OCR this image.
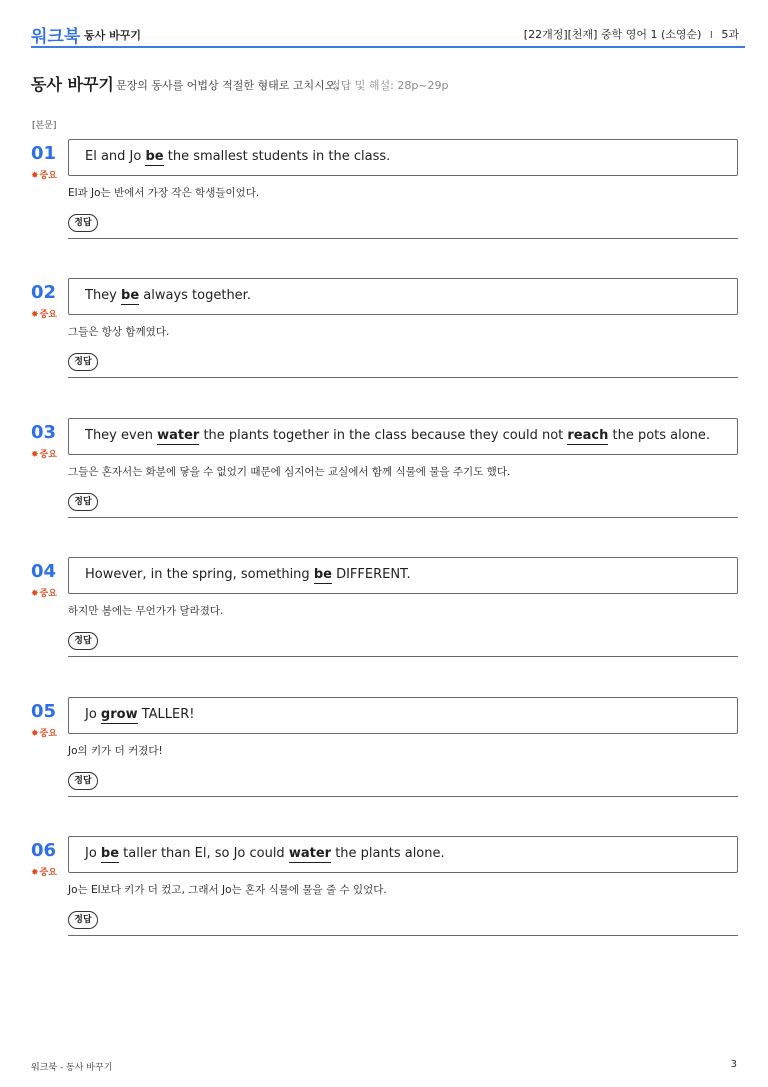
워크북 동사 바꾸기	[22개정][천재] 중학 영어 1 (소영순) I 5과
동사 바꾸기 문장의 동사를 어법상 적절한 형태로 고치시오.
정답 및 해설: 28p~29p
[본문]
01
✸중요
El and Jo be the smallest students in the class.
El과 Jo는 반에서 가장 작은 학생들이었다.
정답
02
✸중요
They be always together.
그들은 항상 함께였다.
정답
03
✸중요
They even water the plants together in the class because they could not reach the pots alone.
그들은 혼자서는 화분에 닿을 수 없었기 때문에 심지어는 교실에서 함께 식물에 물을 주기도 했다.
정답
04
✸중요
However, in the spring, something be DIFFERENT.
하지만 봄에는 무언가가 달라졌다.
정답
05
✸중요
Jo grow TALLER!
Jo의 키가 더 커졌다!
정답
06
✸중요
Jo be taller than El, so Jo could water the plants alone.
Jo는 El보다 키가 더 컸고, 그래서 Jo는 혼자 식물에 물을 줄 수 있었다.
정답
워크북 - 동사 바꾸기	3
